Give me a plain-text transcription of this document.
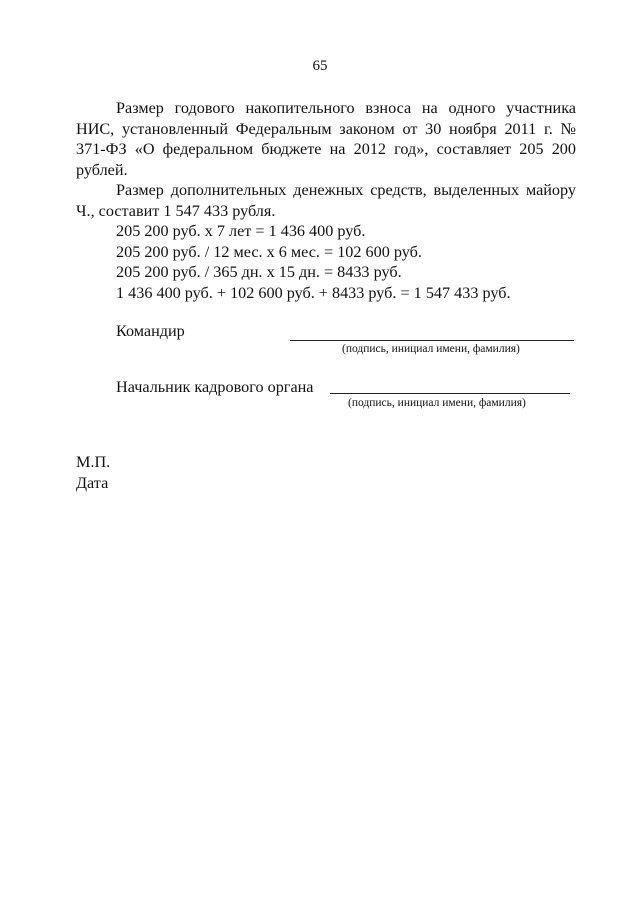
65

Размер годового накопительного взноса на одного участника НИС, установленный Федеральным законом от 30 ноября 2011 г. № 371-ФЗ «О федеральном бюджете на 2012 год», составляет 205 200 рублей.

Размер дополнительных денежных средств, выделенных майору Ч., составит 1 547 433 рубля.

205 200 руб. х 7 лет = 1 436 400 руб.

205 200 руб. / 12 мес. х 6 мес. = 102 600 руб.

205 200 руб. / 365 дн. х 15 дн. = 8433 руб.

1 436 400 руб. + 102 600 руб. + 8433 руб. = 1 547 433 руб.

Командир
(подпись, инициал имени, фамилия)
Начальник кадрового органа
(подпись, инициал имени, фамилия)
М.П.
Дата
